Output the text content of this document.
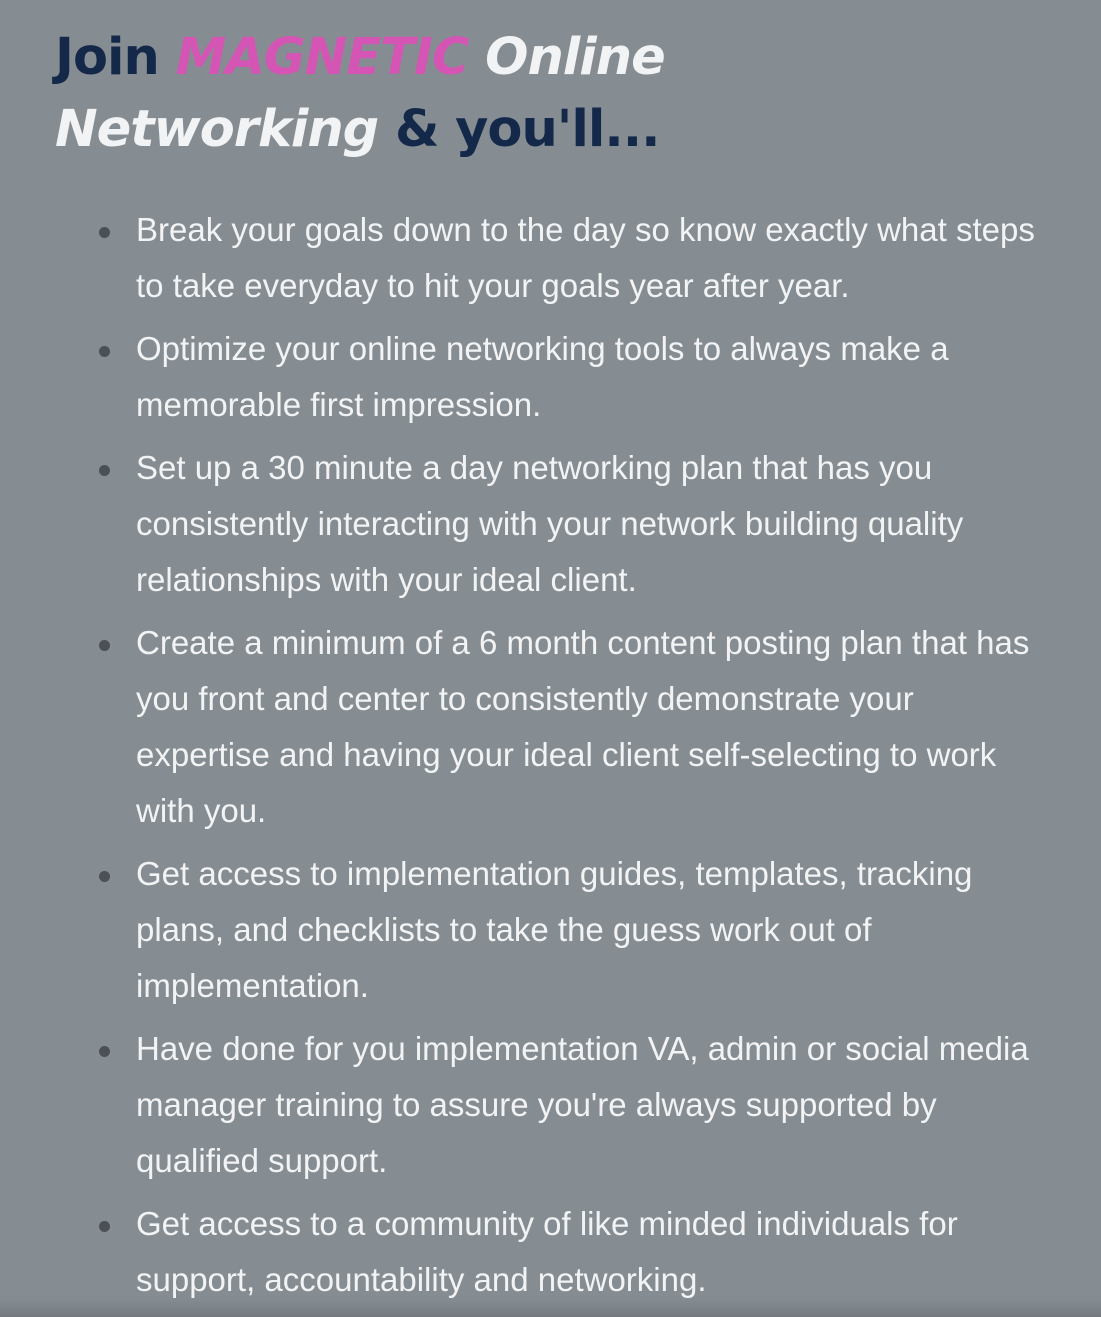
Join MAGNETIC Online Networking & you'll...
Break your goals down to the day so know exactly what steps to take everyday to hit your goals year after year.
Optimize your online networking tools to always make a memorable first impression.
Set up a 30 minute a day networking plan that has you consistently interacting with your network building quality relationships with your ideal client.
Create a minimum of a 6 month content posting plan that has you front and center to consistently demonstrate your expertise and having your ideal client self-selecting to work with you.
Get access to implementation guides, templates, tracking plans, and checklists to take the guess work out of implementation.
Have done for you implementation VA, admin or social media manager training to assure you're always supported by qualified support.
Get access to a community of like minded individuals for support, accountability and networking.
